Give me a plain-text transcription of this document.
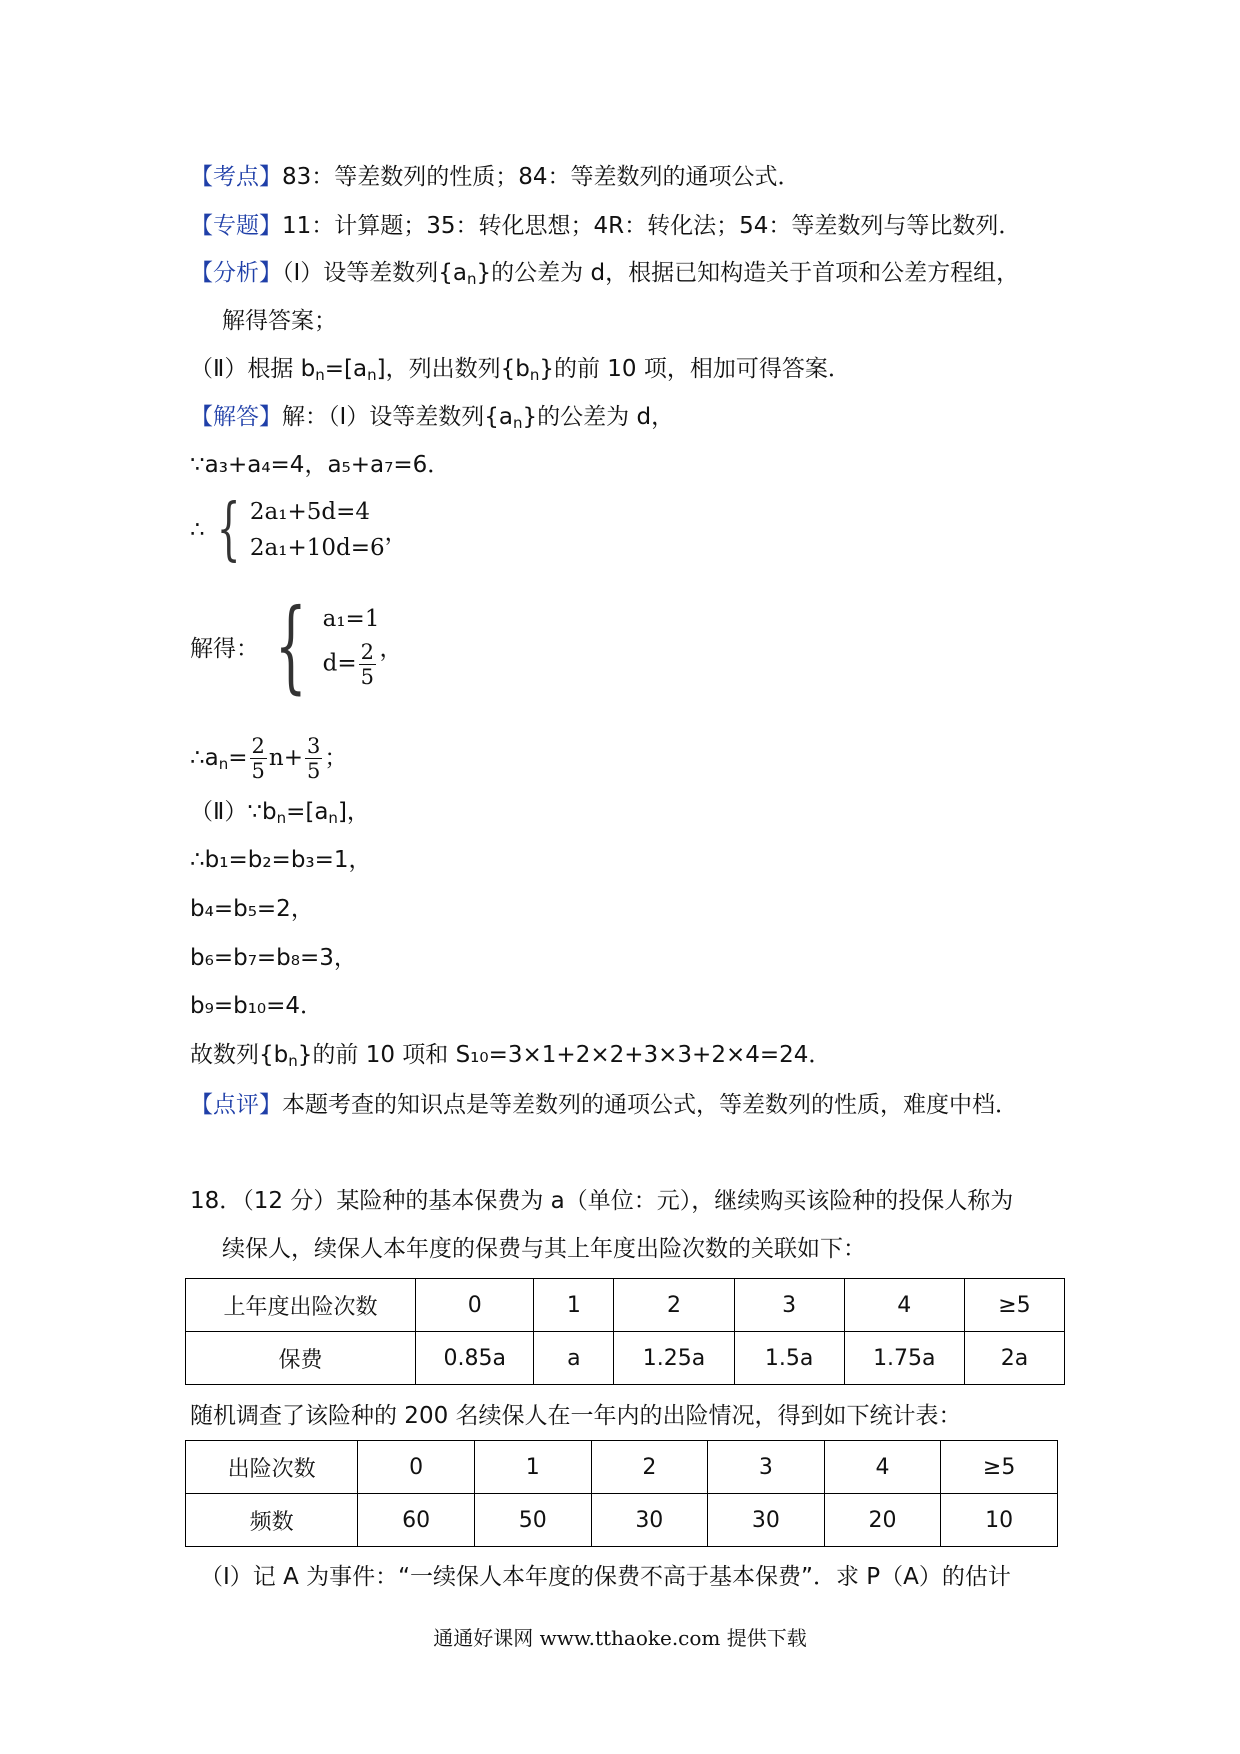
【考点】83：等差数列的性质；84：等差数列的通项公式．
【专题】11：计算题；35：转化思想；4R：转化法；54：等差数列与等比数列．
【分析】（Ⅰ）设等差数列$\{a_n\}$的公差为 d，根据已知构造关于首项和公差方程组，
解得答案；
（Ⅱ）根据 $b_n=[a_n]$，列出数列$\{b_n\}$的前 10 项，相加可得答案．
【解答】解：（Ⅰ）设等差数列$\{a_n\}$的公差为 d，
∵a₃+a₄=4，a₅+a₇=6．
∴ { 2a₁+5d=4
2a₁+10d=6
，
解得： { a₁=1
$d= \frac{2}{5}$ ，
$\therefore a_n= \frac{2}{5} n+ \frac{3}{5}$ ；
$(Ⅱ)\because b_n=[a_n]$，
∴b₁=b₂=b₃=1，
b₄=b₅=2，
b₆=b₇=b₈=3，
b₉=b₁₀=4．
故数列$\{b_n\}$的前 10 项和 S₁₀=3×1+2×2+3×3+2×4=24．
【点评】本题考查的知识点是等差数列的通项公式，等差数列的性质，难度中档．
18．（12 分）某险种的基本保费为 a（单位：元），继续购买该险种的投保人称为
续保人，续保人本年度的保费与其上年度出险次数的关联如下：
上年度出险次数	0	1	2	3	4	≥5
保费	0.85a	a	1.25a	1.5a	1.75a	2a
随机调查了该险种的 200 名续保人在一年内的出险情况，得到如下统计表：
出险次数	0	1	2	3	4	≥5
频数	60	50	30	30	20	10
（I）记 A 为事件：“一续保人本年度的保费不高于基本保费”．求 P（A）的估计
通通好课网 www.tthaoke.com 提供下载
